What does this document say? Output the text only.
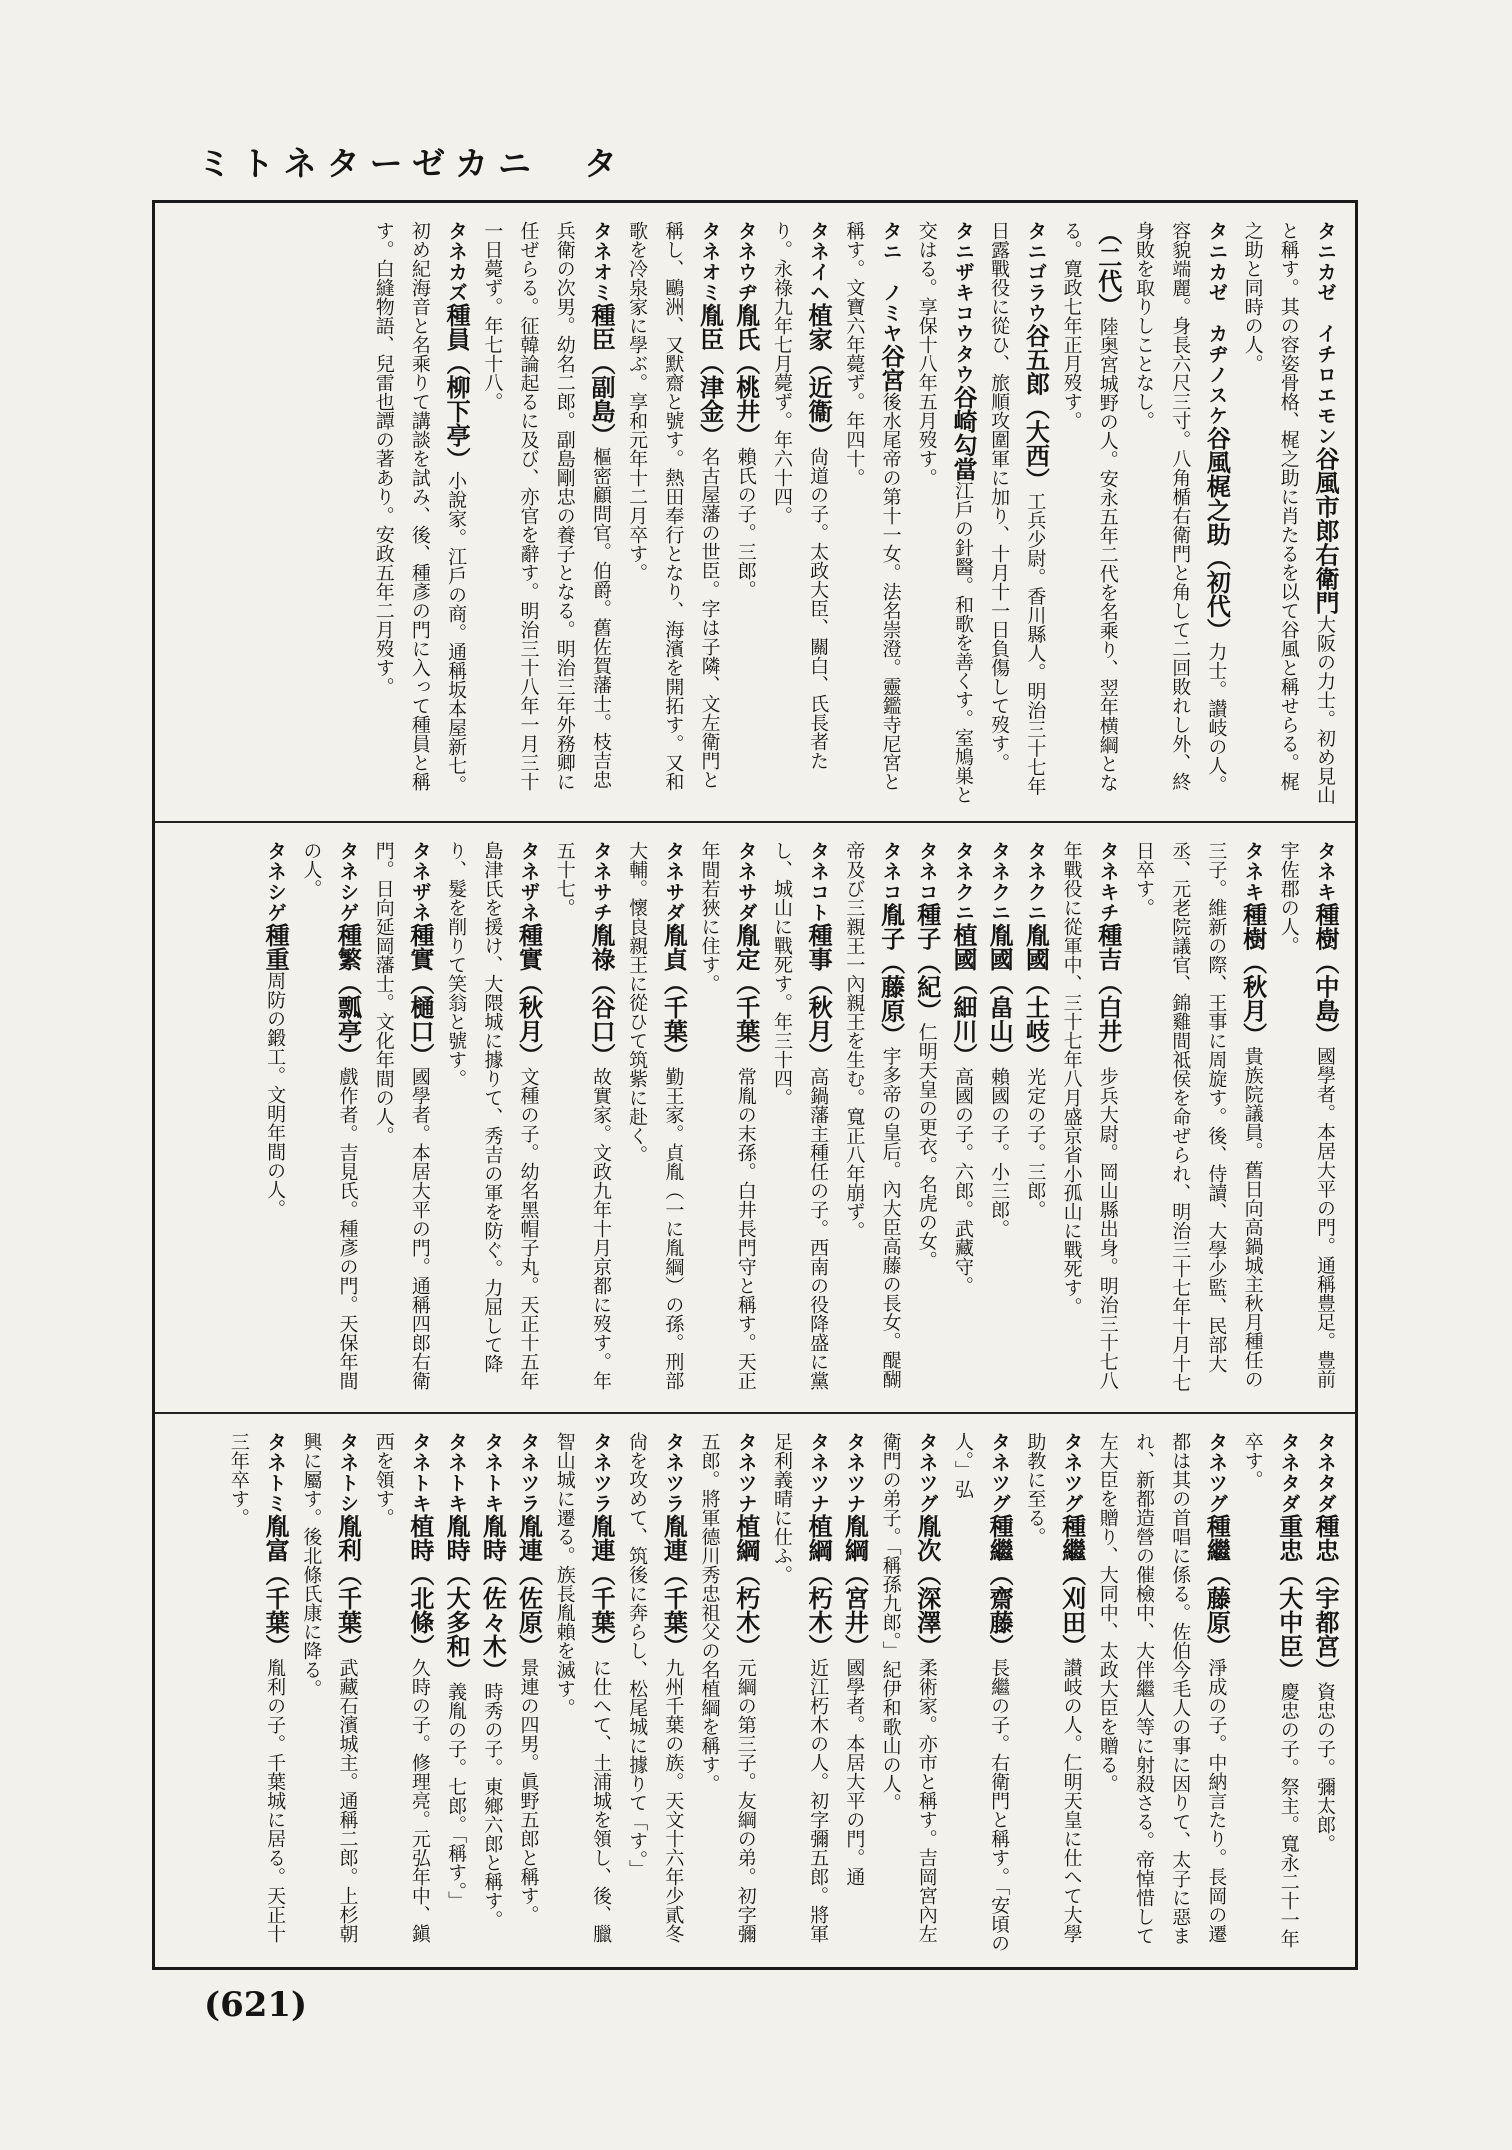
ミトネターゼカニ　タ
タニカゼ　イチロエモン谷風市郎右衛門大阪の力士。初め見山と稱す。其の容姿骨格、梶之助に肖たるを以て谷風と稱せらる。梶之助と同時の人。
タニカゼ　カヂノスケ谷風梶之助（初代）力士。讃岐の人。容貌端麗。身長六尺三寸。八角楯右衛門と角して二回敗れし外、終身敗を取りしことなし。
（二代）陸奥宮城野の人。安永五年二代を名乘り、翌年横綱となる。寛政七年正月歿す。
タニゴラウ谷五郎（大西）工兵少尉。香川縣人。明治三十七年日露戰役に從ひ、旅順攻圍軍に加り、十月十一日負傷して歿す。
タニザキコウタウ谷崎勾當江戶の針醫。和歌を善くす。室鳩巣と交はる。享保十八年五月歿す。
タニ　ノミヤ谷宮後水尾帝の第十一女。法名崇澄。靈鑑寺尼宮と稱す。文寶六年薨ず。年四十。
タネイヘ植家（近衞）尙道の子。太政大臣、關白、氏長者たり。永祿九年七月薨ず。年六十四。
タネウヂ胤氏（桃井）賴氏の子。三郎。
タネオミ胤臣（津金）名古屋藩の世臣。字は子隣、文左衛門と稱し、鷗洲、又默齋と號す。熱田奉行となり、海濱を開拓す。又和歌を冷泉家に學ぶ。享和元年十二月卒す。
タネオミ種臣（副島）樞密顧問官。伯爵。舊佐賀藩士。枝吉忠兵衛の次男。幼名二郎。副島剛忠の養子となる。明治三年外務卿に任ぜらる。征韓論起るに及び、亦官を辭す。明治三十八年一月三十一日薨ず。年七十八。
タネカズ種員（柳下亭）小說家。江戶の商。通稱坂本屋新七。初め紀海音と名乘りて講談を試み、後、種彥の門に入って種員と稱す。白縫物語、兒雷也譚の著あり。安政五年二月歿す。

タネキ種樹（中島）國學者。本居大平の門。通稱豊足。豊前宇佐郡の人。
タネキ種樹（秋月）貴族院議員。舊日向高鍋城主秋月種任の三子。維新の際、王事に周旋す。後、侍讀、大學少監、民部大丞、元老院議官、錦雞間祗侯を命ぜられ、明治三十七年十月十七日卒す。
タネキチ種吉（白井）步兵大尉。岡山縣出身。明治三十七八年戰役に從軍中、三十七年八月盛京省小孤山に戰死す。
タネクニ胤國（土岐）光定の子。三郎。
タネクニ胤國（畠山）賴國の子。小三郎。
タネクニ植國（細川）高國の子。六郎。武藏守。
タネコ種子（紀）仁明天皇の更衣。名虎の女。
タネコ胤子（藤原）宇多帝の皇后。內大臣高藤の長女。醍醐帝及び三親王一內親王を生む。寬正八年崩ず。
タネコト種事（秋月）高鍋藩主種任の子。西南の役降盛に黨し、城山に戰死す。年三十四。
タネサダ胤定（千葉）常胤の末孫。白井長門守と稱す。天正年間若狹に住す。
タネサダ胤貞（千葉）勤王家。貞胤（一に胤綱）の孫。刑部大輔。懷良親王に從ひて筑紫に赴く。
タネサチ胤祿（谷口）故實家。文政九年十月京都に歿す。年五十七。
タネザネ種實（秋月）文種の子。幼名黑帽子丸。天正十五年島津氏を援け、大隈城に據りて、秀吉の軍を防ぐ。力屈して降り、髮を削りて笑翁と號す。
タネザネ種實（樋口）國學者。本居大平の門。通稱四郎右衛門。日向延岡藩士。文化年間の人。
タネシゲ種繁（瓢亭）戲作者。吉見氏。種彥の門。天保年間の人。
タネシゲ種重周防の鍛工。文明年間の人。

タネタダ種忠（宇都宮）資忠の子。彌太郎。
タネタダ重忠（大中臣）慶忠の子。祭主。寬永二十一年卒す。
タネツグ種繼（藤原）淨成の子。中納言たり。長岡の遷都は其の首唱に係る。佐伯今毛人の事に因りて、太子に惡まれ、新都造營の催檢中、大伴繼人等に射殺さる。帝悼惜して左大臣を贈り、大同中、太政大臣を贈る。
タネツグ種繼（刈田）讃岐の人。仁明天皇に仕へて大學助教に至る。
タネツグ種繼（齋藤）長繼の子。右衛門と稱す。「安頃の人。」弘
タネツグ胤次（深澤）柔術家。亦市と稱す。吉岡宮內左衛門の弟子。「稱孫九郎。」紀伊和歌山の人。
タネツナ胤綱（宮井）國學者。本居大平の門。通
タネツナ植綱（朽木）近江朽木の人。初字彌五郎。將軍足利義晴に仕ふ。
タネツナ植綱（朽木）元綱の第三子。友綱の弟。初字彌五郎。將軍德川秀忠祖父の名植綱を稱す。
タネツラ胤連（千葉）九州千葉の族。天文十六年少貳冬尙を攻めて、筑後に奔らし、松尾城に據りて「す。」
タネツラ胤連（千葉）に仕へて、土浦城を領し、後、臘智山城に遷る。族長胤賴を滅す。
タネツラ胤連（佐原）景連の四男。眞野五郎と稱す。
タネトキ胤時（佐々木）時秀の子。東鄉六郎と稱す。
タネトキ胤時（大多和）義胤の子。七郎。「稱す。」
タネトキ植時（北條）久時の子。修理亮。元弘年中、鎭西を領す。
タネトシ胤利（千葉）武藏石濱城主。通稱二郎。上杉朝興に屬す。後北條氏康に降る。
タネトミ胤富（千葉）胤利の子。千葉城に居る。天正十三年卒す。

(621)
